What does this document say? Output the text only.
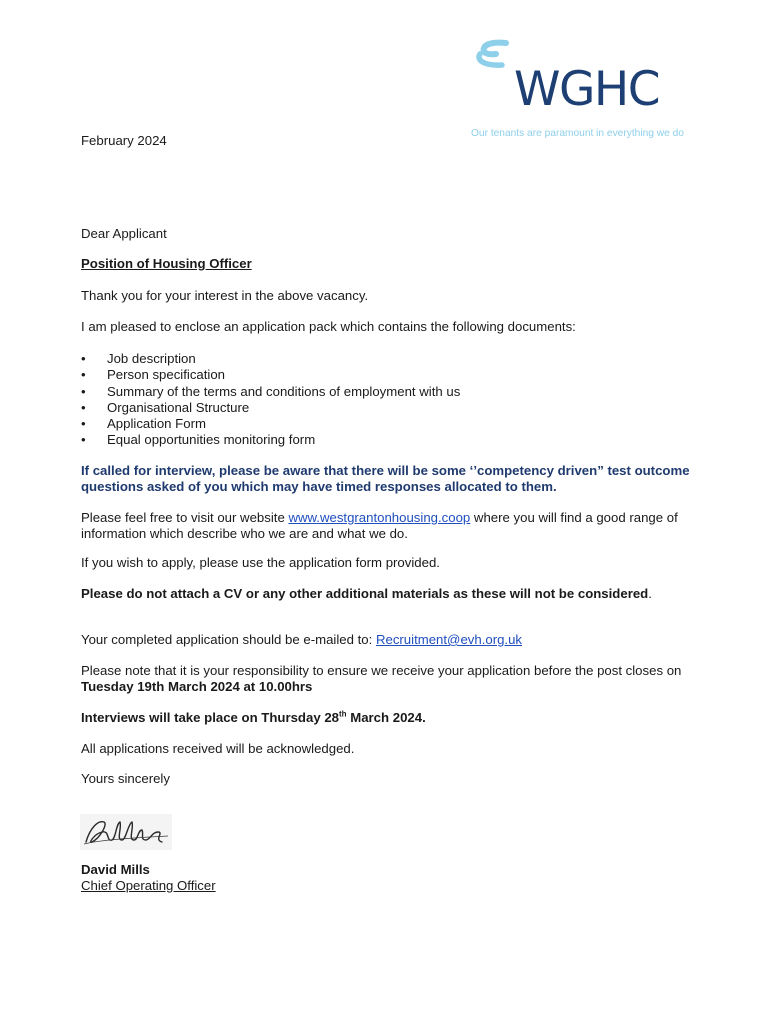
WGHC
Our tenants are paramount in everything we do

February 2024

Dear Applicant

Position of Housing Officer

Thank you for your interest in the above vacancy.

I am pleased to enclose an application pack which contains the following documents:

• Job description
• Person specification
• Summary of the terms and conditions of employment with us
• Organisational Structure
• Application Form
• Equal opportunities monitoring form

If called for interview, please be aware that there will be some ‘’competency driven” test outcome questions asked of you which may have timed responses allocated to them.

Please feel free to visit our website www.westgrantonhousing.coop where you will find a good range of information which describe who we are and what we do.

If you wish to apply, please use the application form provided.

Please do not attach a CV or any other additional materials as these will not be considered.

Your completed application should be e-mailed to: Recruitment@evh.org.uk

Please note that it is your responsibility to ensure we receive your application before the post closes on Tuesday 19th March 2024 at 10.00hrs

Interviews will take place on Thursday 28th March 2024.

All applications received will be acknowledged.

Yours sincerely

David Mills

Chief Operating Officer
